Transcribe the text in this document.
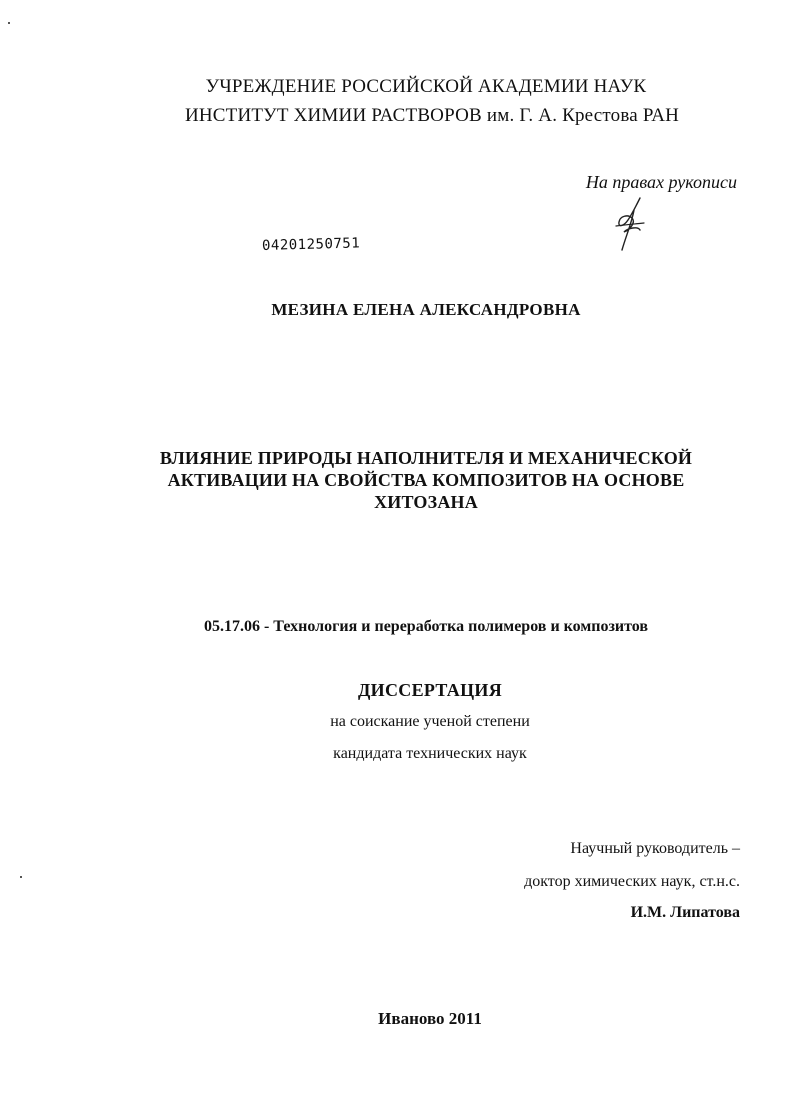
УЧРЕЖДЕНИЕ РОССИЙСКОЙ АКАДЕМИИ НАУК
ИНСТИТУТ ХИМИИ РАСТВОРОВ им. Г. А. Крестова РАН
На правах рукописи
04201250751
МЕЗИНА ЕЛЕНА АЛЕКСАНДРОВНА
ВЛИЯНИЕ ПРИРОДЫ НАПОЛНИТЕЛЯ И МЕХАНИЧЕСКОЙ
АКТИВАЦИИ НА СВОЙСТВА КОМПОЗИТОВ НА ОСНОВЕ
ХИТОЗАНА
05.17.06 - Технология и переработка полимеров и композитов
ДИССЕРТАЦИЯ
на соискание ученой степени
кандидата технических наук
Научный руководитель –
доктор химических наук, ст.н.с.
И.М. Липатова
Иваново 2011
